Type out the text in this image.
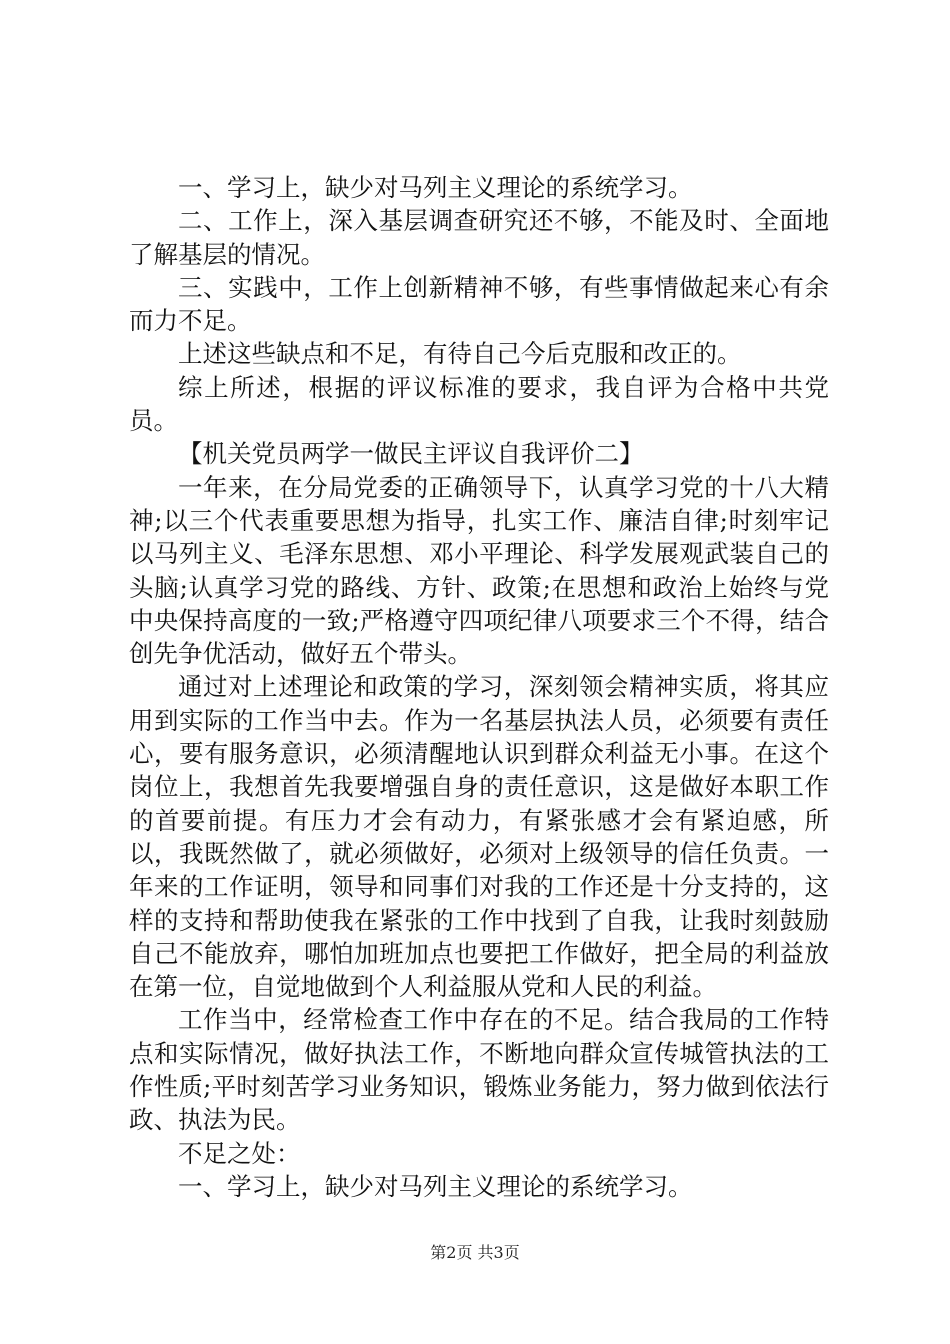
一、学习上，缺少对马列主义理论的系统学习。

二、工作上，深入基层调查研究还不够，不能及时、全面地了解基层的情况。

三、实践中，工作上创新精神不够，有些事情做起来心有余而力不足。

上述这些缺点和不足，有待自己今后克服和改正的。

综上所述，根据的评议标准的要求，我自评为合格中共党员。

【机关党员两学一做民主评议自我评价二】

一年来，在分局党委的正确领导下，认真学习党的十八大精神;以三个代表重要思想为指导，扎实工作、廉洁自律;时刻牢记以马列主义、毛泽东思想、邓小平理论、科学发展观武装自己的头脑;认真学习党的路线、方针、政策;在思想和政治上始终与党中央保持高度的一致;严格遵守四项纪律八项要求三个不得，结合创先争优活动，做好五个带头。

通过对上述理论和政策的学习，深刻领会精神实质，将其应用到实际的工作当中去。作为一名基层执法人员，必须要有责任心，要有服务意识，必须清醒地认识到群众利益无小事。在这个岗位上，我想首先我要增强自身的责任意识，这是做好本职工作的首要前提。有压力才会有动力，有紧张感才会有紧迫感，所以，我既然做了，就必须做好，必须对上级领导的信任负责。一年来的工作证明，领导和同事们对我的工作还是十分支持的，这样的支持和帮助使我在紧张的工作中找到了自我，让我时刻鼓励自己不能放弃，哪怕加班加点也要把工作做好，把全局的利益放在第一位，自觉地做到个人利益服从党和人民的利益。

工作当中，经常检查工作中存在的不足。结合我局的工作特点和实际情况，做好执法工作，不断地向群众宣传城管执法的工作性质;平时刻苦学习业务知识，锻炼业务能力，努力做到依法行政、执法为民。

不足之处：

一、学习上，缺少对马列主义理论的系统学习。

第2页 共3页
